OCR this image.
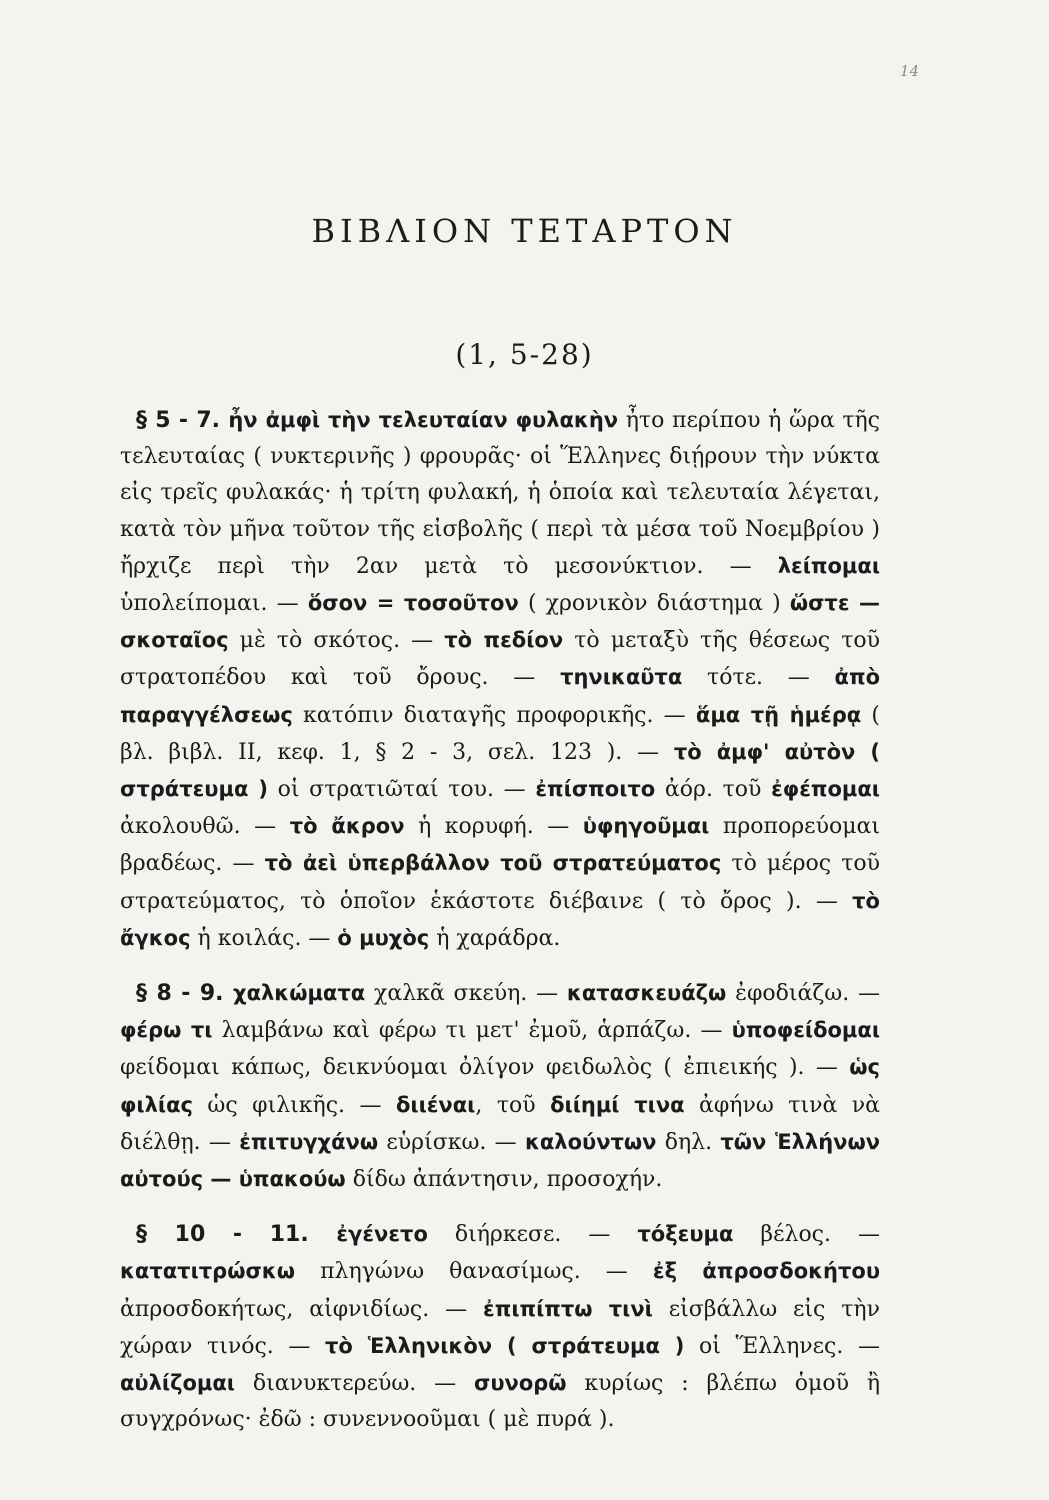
14
ΒΙΒΛΙΟΝ ΤΕΤΑΡΤΟΝ
(1, 5-28)

§ 5 - 7. ἦν ἀμφὶ τὴν τελευταίαν φυλακὴν ἦτο περίπου ἡ ὥρα τῆς τελευταίας ( νυκτερινῆς ) φρουρᾶς· οἱ Ἕλληνες διῄρουν τὴν νύκτα εἰς τρεῖς φυλακάς· ἡ τρίτη φυλακή, ἡ ὁποία καὶ τελευταία λέγεται, κατὰ τὸν μῆνα τοῦτον τῆς εἰσβολῆς ( περὶ τὰ μέσα τοῦ Νοεμβρίου ) ἤρχιζε περὶ τὴν 2αν μετὰ τὸ μεσονύκτιον. — λείπομαι ὑπολείπομαι. — ὅσον = τοσοῦτον ( χρονικὸν διάστημα ) ὥστε — σκοταῖος μὲ τὸ σκότος. — τὸ πεδίον τὸ μεταξὺ τῆς θέσεως τοῦ στρατοπέδου καὶ τοῦ ὄρους. — τηνικαῦτα τότε. — ἀπὸ παραγγέλσεως κατόπιν διαταγῆς προφορικῆς. — ἅμα τῇ ἡμέρᾳ ( βλ. βιβλ. ΙΙ, κεφ. 1, § 2 - 3, σελ. 123 ). — τὸ ἀμφ' αὐτὸν ( στράτευμα ) οἱ στρατιῶταί του. — ἐπίσποιτο ἀόρ. τοῦ ἐφέπομαι ἀκολουθῶ. — τὸ ἄκρον ἡ κορυφή. — ὑφηγοῦμαι προπορεύομαι βραδέως. — τὸ ἀεὶ ὑπερβάλλον τοῦ στρατεύματος τὸ μέρος τοῦ στρατεύματος, τὸ ὁποῖον ἑκάστοτε διέβαινε ( τὸ ὄρος ). — τὸ ἄγκος ἡ κοιλάς. — ὁ μυχὸς ἡ χαράδρα.

§ 8 - 9. χαλκώματα χαλκᾶ σκεύη. — κατασκευάζω ἐφοδιάζω. — φέρω τι λαμβάνω καὶ φέρω τι μετ' ἐμοῦ, ἁρπάζω. — ὑποφείδομαι φείδομαι κάπως, δεικνύομαι ὀλίγον φειδωλὸς ( ἐπιεικής ). — ὡς φιλίας ὡς φιλικῆς. — διιέναι, τοῦ διίημί τινα ἀφήνω τινὰ νὰ διέλθῃ. — ἐπιτυγχάνω εὑρίσκω. — καλούντων δηλ. τῶν Ἑλλήνων αὐτούς — ὑπακούω δίδω ἀπάντησιν, προσοχήν.

§ 10 - 11. ἐγένετο διήρκεσε. — τόξευμα βέλος. — κατατιτρώσκω πληγώνω θανασίμως. — ἐξ ἀπροσδοκήτου ἀπροσδοκήτως, αἰφνιδίως. — ἐπιπίπτω τινὶ εἰσβάλλω εἰς τὴν χώραν τινός. — τὸ Ἑλληνικὸν ( στράτευμα ) οἱ Ἕλληνες. — αὐλίζομαι διανυκτερεύω. — συνορῶ κυρίως : βλέπω ὁμοῦ ἢ συγχρόνως· ἐδῶ : συνεννοοῦμαι ( μὲ πυρά ).
